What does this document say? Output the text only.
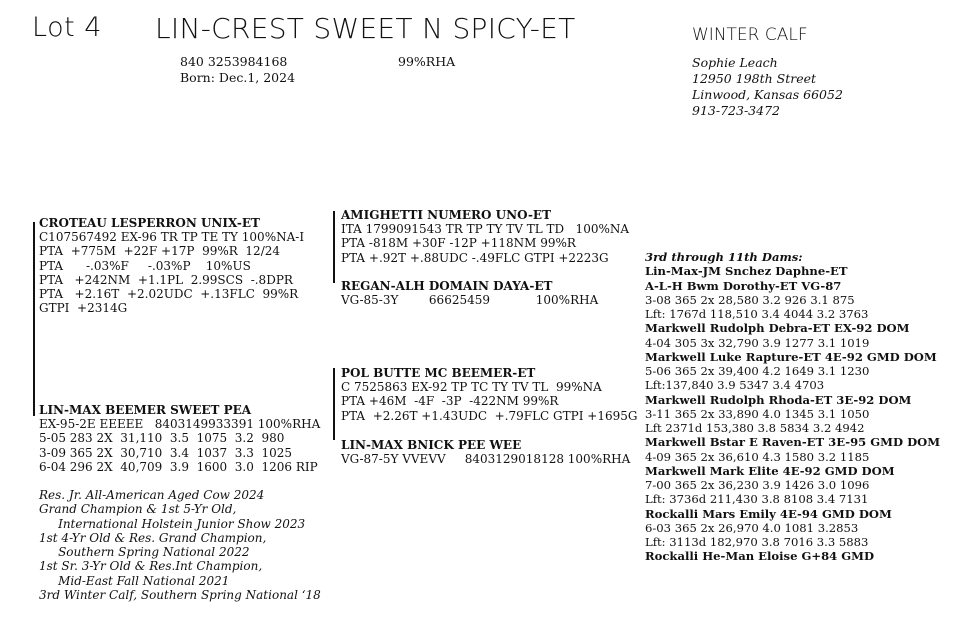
Lot 4 LIN-CREST SWEET N SPICY-ET	WINTER CALF
840 3253984168
Born: Dec.1, 2024
99%RHA	Sophie Leach
12950 198th Street
Linwood, Kansas 66052
913-723-3472
CROTEAU LESPERRON UNIX-ET
C107567492 EX-96 TR TP TE TY 100%NA-I
PTA  +775M  +22F +17P  99%R  12/24
PTA      -.03%F     -.03%P    10%US
PTA   +242NM  +1.1PL  2.99SCS  -.8DPR
PTA   +2.16T  +2.02UDC  +.13FLC  99%R
GTPI  +2314G
AMIGHETTI NUMERO UNO-ET
ITA 1799091543 TR TP TY TV TL TD   100%NA
PTA -818M +30F -12P +118NM 99%R
PTA +.92T +.88UDC -.49FLC GTPI +2223G
REGAN-ALH DOMAIN DAYA-ET
VG-85-3Y        66625459            100%RHA
LIN-MAX BEEMER SWEET PEA
EX-95-2E EEEEE   8403149933391 100%RHA
5-05 283 2X  31,110  3.5  1075  3.2  980
3-09 365 2X  30,710  3.4  1037  3.3  1025
6-04 296 2X  40,709  3.9  1600  3.0  1206 RIP
POL BUTTE MC BEEMER-ET
C 7525863 EX-92 TP TC TY TV TL  99%NA
PTA +46M  -4F  -3P  -422NM 99%R
PTA  +2.26T +1.43UDC  +.79FLC GTPI +1695G
LIN-MAX BNICK PEE WEE
VG-87-5Y VVEVV     8403129018128 100%RHA
Res. Jr. All-American Aged Cow 2024
Grand Champion & 1st 5-Yr Old,
International Holstein Junior Show 2023
1st 4-Yr Old & Res. Grand Champion,
Southern Spring National 2022
1st Sr. 3-Yr Old & Res.Int Champion,
Mid-East Fall National 2021
3rd Winter Calf, Southern Spring National ‘18
3rd through 11th Dams:
Lin-Max-JM Snchez Daphne-ET
A-L-H Bwm Dorothy-ET VG-87
3-08 365 2x 28,580 3.2 926 3.1 875
Lft: 1767d 118,510 3.4 4044 3.2 3763
Markwell Rudolph Debra-ET EX-92 DOM
4-04 305 3x 32,790 3.9 1277 3.1 1019
Markwell Luke Rapture-ET 4E-92 GMD DOM
5-06 365 2x 39,400 4.2 1649 3.1 1230
Lft:137,840 3.9 5347 3.4 4703
Markwell Rudolph Rhoda-ET 3E-92 DOM
3-11 365 2x 33,890 4.0 1345 3.1 1050
Lft 2371d 153,380 3.8 5834 3.2 4942
Markwell Bstar E Raven-ET 3E-95 GMD DOM
4-09 365 2x 36,610 4.3 1580 3.2 1185
Markwell Mark Elite 4E-92 GMD DOM
7-00 365 2x 36,230 3.9 1426 3.0 1096
Lft: 3736d 211,430 3.8 8108 3.4 7131
Rockalli Mars Emily 4E-94 GMD DOM
6-03 365 2x 26,970 4.0 1081 3.2853
Lft: 3113d 182,970 3.8 7016 3.3 5883
Rockalli He-Man Eloise G+84 GMD
